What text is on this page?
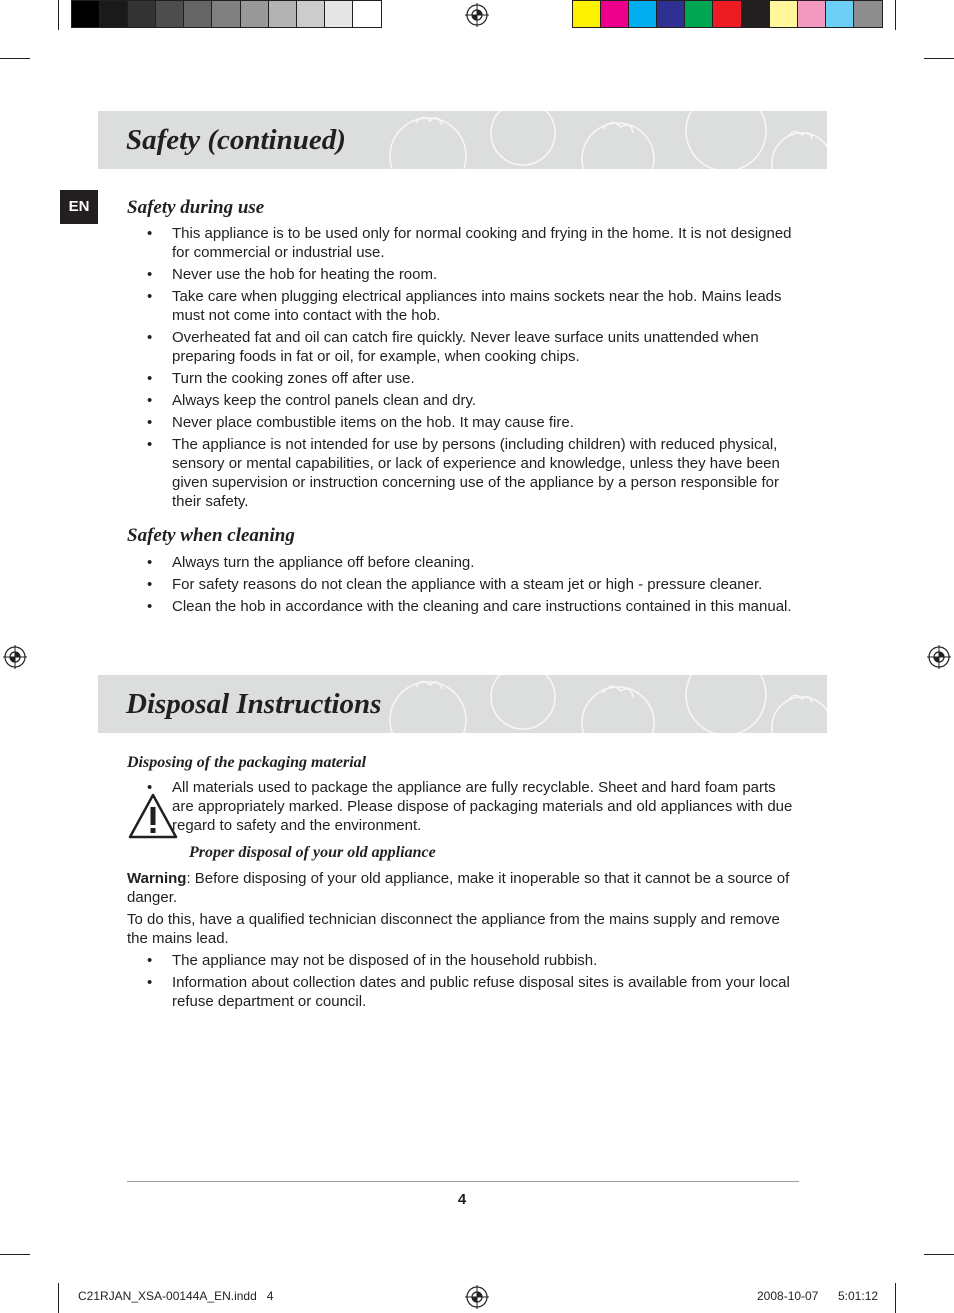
Safety (continued)
EN	Safety during use
• This appliance is to be used only for normal cooking and frying in the home. It is not designed for commercial or industrial use.
• Never use the hob for heating the room.
• Take care when plugging electrical appliances into mains sockets near the hob. Mains leads must not come into contact with the hob.
• Overheated fat and oil can catch fire quickly. Never leave surface units unattended when preparing foods in fat or oil, for example, when cooking chips.
• Turn the cooking zones off after use.
• Always keep the control panels clean and dry.
• Never place combustible items on the hob. It may cause fire.
• The appliance is not intended for use by persons (including children) with reduced physical, sensory or mental capabilities, or lack of experience and knowledge, unless they have been given supervision or instruction concerning use of the appliance by a person responsible for their safety.
Safety when cleaning
• Always turn the appliance off before cleaning.
• For safety reasons do not clean the appliance with a steam jet or high - pressure cleaner.
• Clean the hob in accordance with the cleaning and care instructions contained in this manual.
Disposal Instructions
Disposing of the packaging material
•	All materials used to package the appliance are fully recyclable. Sheet and hard foam parts are appropriately marked. Please dispose of packaging materials and old appliances with due regard to safety and the environment.
Proper disposal of your old appliance

Warning: Before disposing of your old appliance, make it inoperable so that it cannot be a source of danger.

To do this, have a qualified technician disconnect the appliance from the mains supply and remove the mains lead.

• The appliance may not be disposed of in the household rubbish.
• Information about collection dates and public refuse disposal sites is available from your local refuse department or council.
4
C21RJAN_XSA-00144A_EN.indd   4	2008-10-07 5:01:12
